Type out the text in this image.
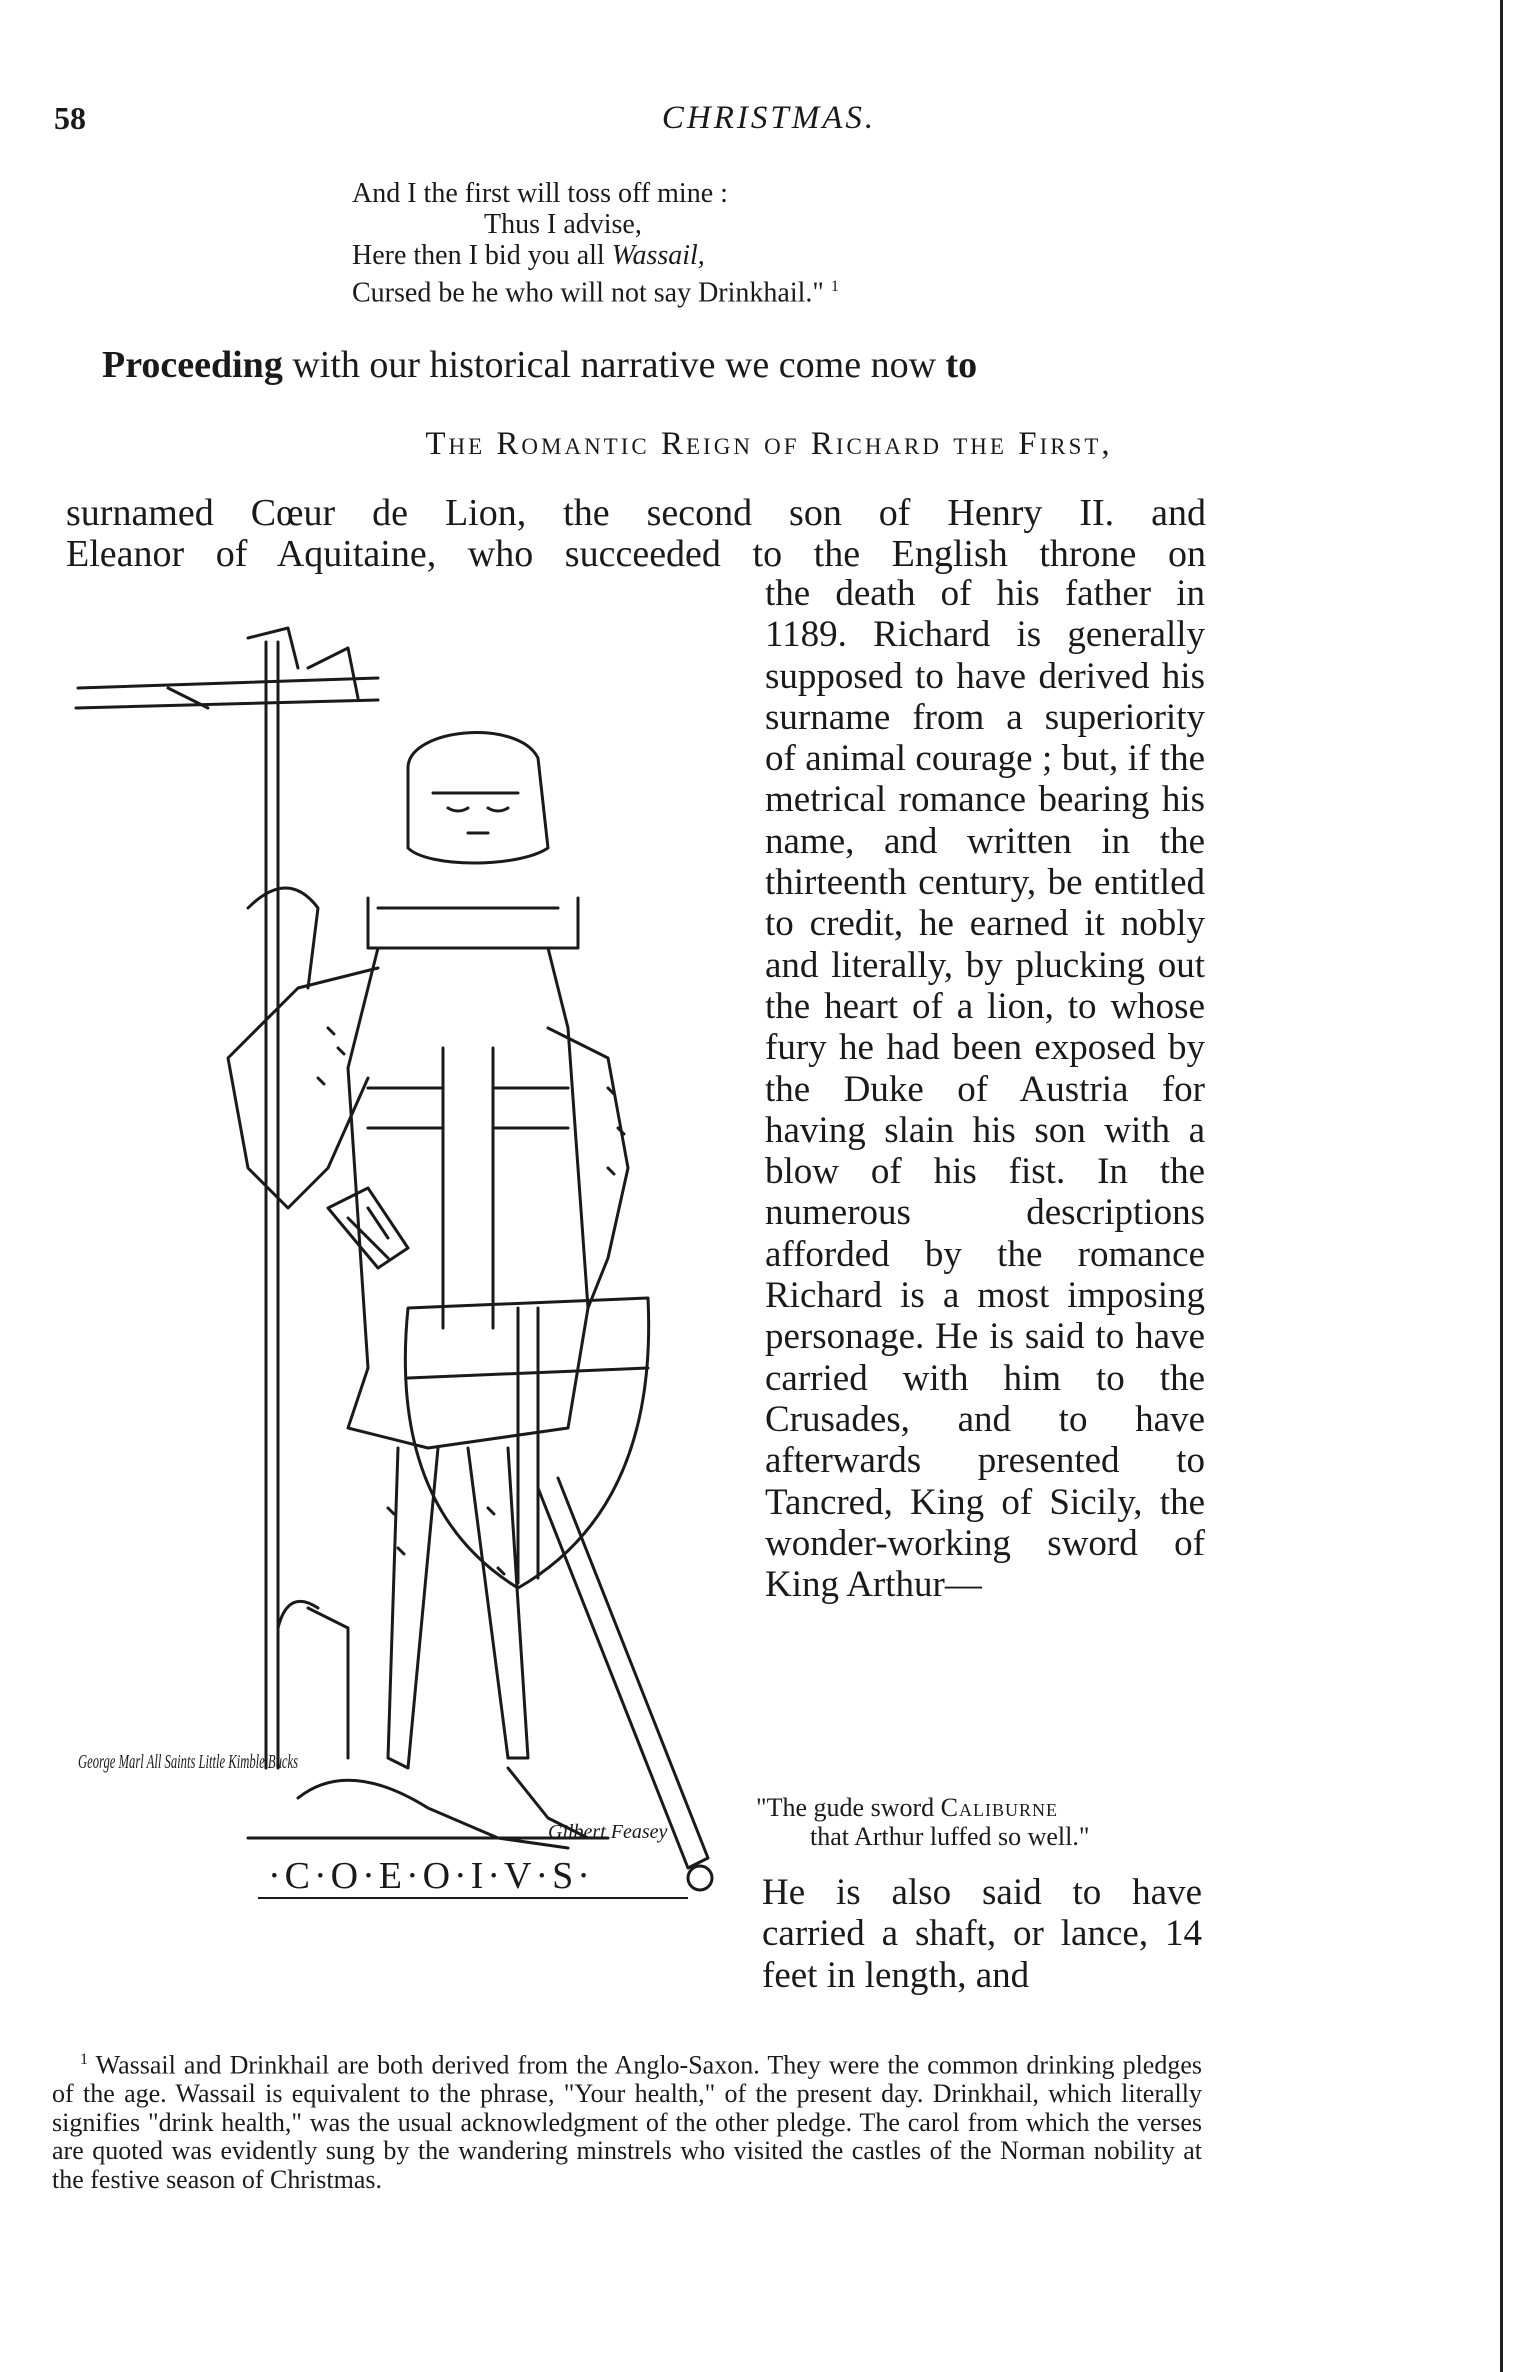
58	CHRISTMAS.
And I the first will toss off mine :
Thus I advise,
Here then I bid you all Wassail,
Cursed be he who will not say Drinkhail." $^1$
Proceeding with our historical narrative we come now to
The Romantic Reign of Richard the First,
surnamed Cœur de Lion, the second son of Henry II. and
Eleanor of Aquitaine, who succeeded to the English throne on
the death of his father in 1189. Richard is generally supposed to have derived his surname from a superiority of animal courage ; but, if the metrical romance bearing his name, and written in the thirteenth century, be entitled to credit, he earned it nobly and literally, by plucking out the heart of a lion, to whose fury he had been exposed by the Duke of Austria for having slain his son with a blow of his fist. In the numerous descriptions afforded by the romance Richard is a most imposing personage. He is said to have carried with him to the Crusades, and to have afterwards presented to Tancred, King of Sicily, the wonder-working sword of King Arthur—
"The gude sword Caliburne
that Arthur luffed so well."
He is also said to have carried a shaft, or lance, 14 feet in length, and
·C·O·E·O·I·V·S·
George Marl All Saints Little Kimble Bucks
Gilbert Feasey

$^1$ Wassail and Drinkhail are both derived from the Anglo-Saxon. They were the common drinking pledges of the age. Wassail is equivalent to the phrase, "Your health," of the present day. Drinkhail, which literally signifies "drink health," was the usual acknowledgment of the other pledge. The carol from which the verses are quoted was evidently sung by the wandering minstrels who visited the castles of the Norman nobility at the festive season of Christmas.
